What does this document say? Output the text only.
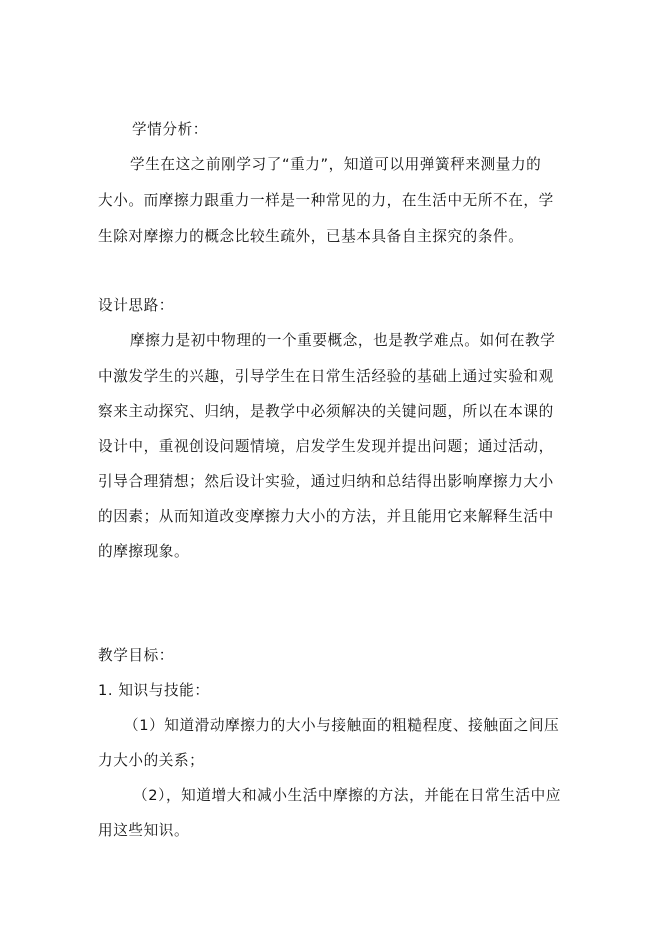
学情分析：
学生在这之前刚学习了“重力”，知道可以用弹簧秤来测量力的
大小。而摩擦力跟重力一样是一种常见的力，在生活中无所不在，学
生除对摩擦力的概念比较生疏外，已基本具备自主探究的条件。
设计思路：
摩擦力是初中物理的一个重要概念，也是教学难点。如何在教学
中激发学生的兴趣，引导学生在日常生活经验的基础上通过实验和观
察来主动探究、归纳，是教学中必须解决的关键问题，所以在本课的
设计中，重视创设问题情境，启发学生发现并提出问题；通过活动，
引导合理猜想；然后设计实验，通过归纳和总结得出影响摩擦力大小
的因素；从而知道改变摩擦力大小的方法，并且能用它来解释生活中
的摩擦现象。
教学目标：
1. 知识与技能：
（1）知道滑动摩擦力的大小与接触面的粗糙程度、接触面之间压
力大小的关系；
（2），知道增大和减小生活中摩擦的方法，并能在日常生活中应
用这些知识。
